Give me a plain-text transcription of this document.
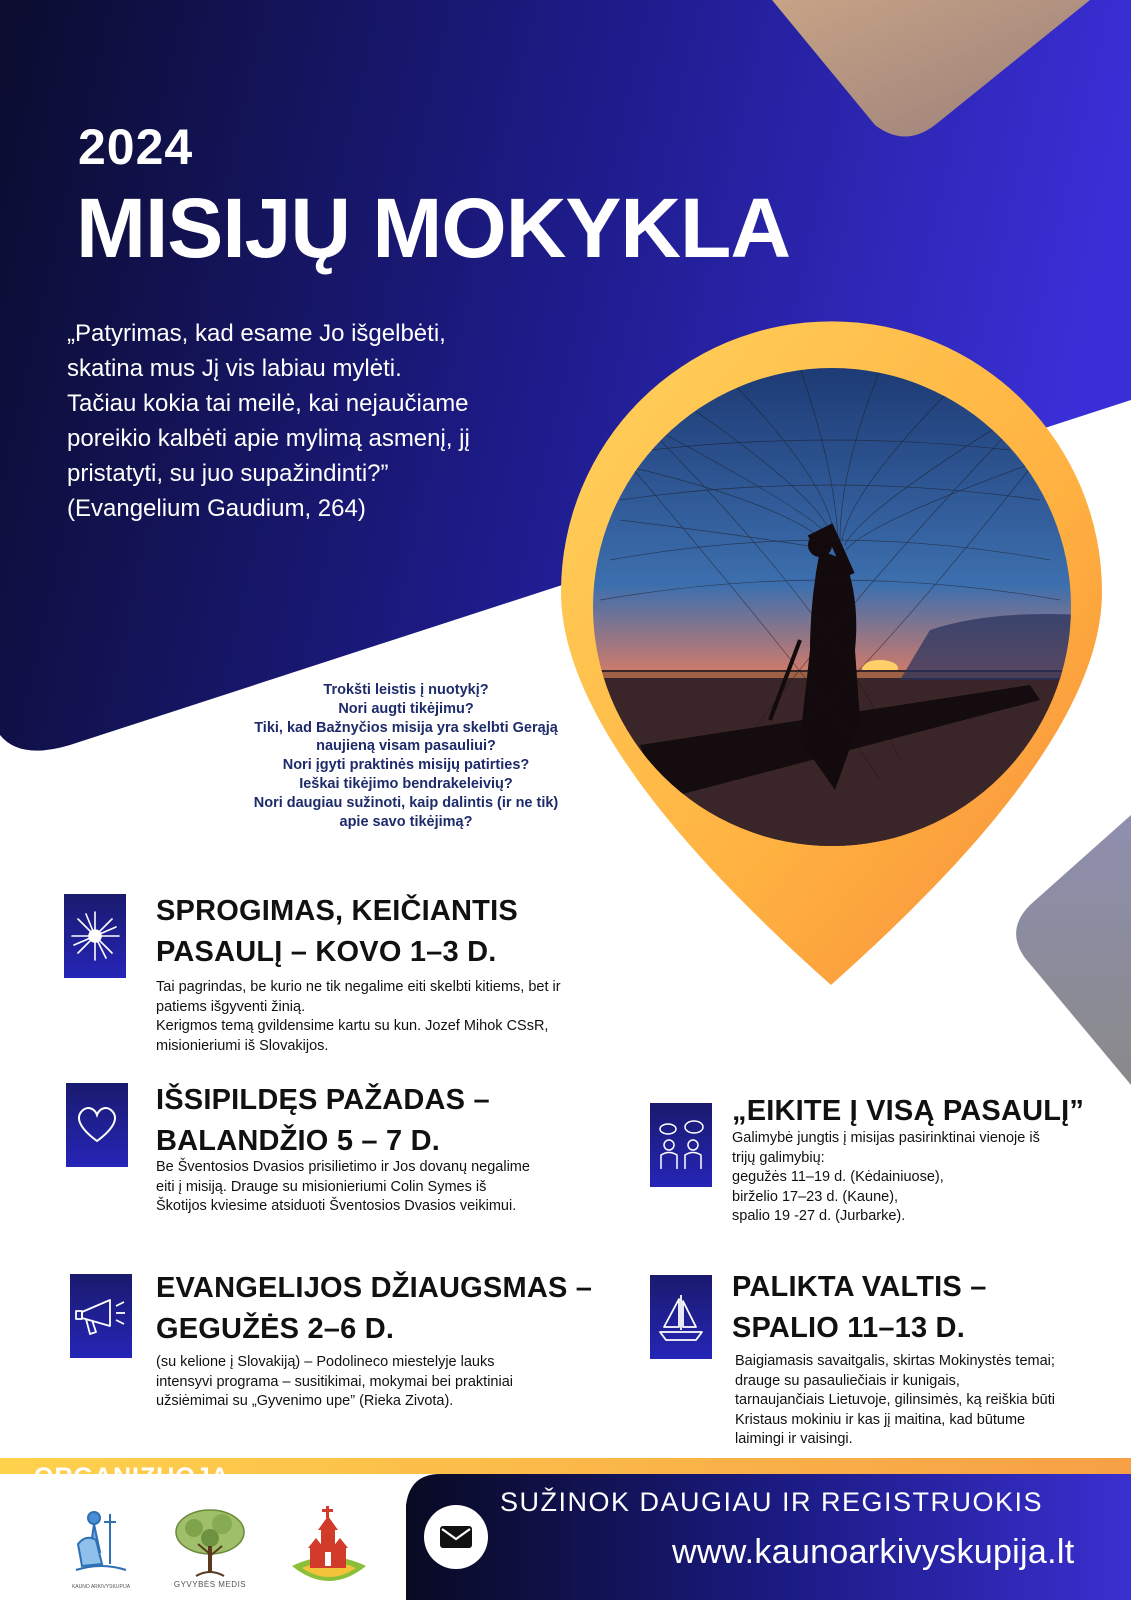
2024
MISIJŲ MOKYKLA
„Patyrimas, kad esame Jo išgelbėti,
skatina mus Jį vis labiau mylėti.
Tačiau kokia tai meilė, kai nejaučiame
poreikio kalbėti apie mylimą asmenį, jį
pristatyti, su juo supažindinti?”
(Evangelium Gaudium, 264)
Trokšti leistis į nuotykį?
Nori augti tikėjimu?
Tiki, kad Bažnyčios misija yra skelbti Gerąją
naujieną visam pasauliui?
Nori įgyti praktinės misijų patirties?
Ieškai tikėjimo bendrakeleivių?
Nori daugiau sužinoti, kaip dalintis (ir ne tik)
apie savo tikėjimą?
SPROGIMAS, KEIČIANTIS
PASAULĮ – KOVO 1–3 D.
Tai pagrindas, be kurio ne tik negalime eiti skelbti kitiems, bet ir
patiems išgyventi žinią.
Kerigmos temą gvildensime kartu su kun. Jozef Mihok CSsR,
misionieriumi iš Slovakijos.
IŠSIPILDĘS PAŽADAS –
BALANDŽIO 5 – 7 D.
Be Šventosios Dvasios prisilietimo ir Jos dovanų negalime
eiti į misiją. Drauge su misionieriumi Colin Symes iš
Škotijos kviesime atsiduoti Šventosios Dvasios veikimui.
EVANGELIJOS DŽIAUGSMAS –
GEGUŽĖS 2–6 D.
(su kelione į Slovakiją) – Podolineco miestelyje lauks
intensyvi programa – susitikimai, mokymai bei praktiniai
užsiėmimai su „Gyvenimo upe” (Rieka Zivota).
„EIKITE Į VISĄ PASAULĮ”
Galimybė jungtis į misijas pasirinktinai vienoje iš
trijų galimybių:
gegužės 11–19 d. (Kėdainiuose),
birželio 17–23 d. (Kaune),
spalio 19 -27 d. (Jurbarke).
PALIKTA VALTIS –
SPALIO 11–13 D.
Baigiamasis savaitgalis, skirtas Mokinystės temai;
drauge su pasauliečiais ir kunigais,
tarnaujančiais Lietuvoje, gilinsimės, ką reiškia būti
Kristaus mokiniu ir kas jį maitina, kad būtume
laimingi ir vaisingi.
ORGANIZUOJA
KAUNO ARKIVYSKUPIJA	GYVYBĖS MEDIS
SUŽINOK DAUGIAU IR REGISTRUOKIS
www.kaunoarkivyskupija.lt
